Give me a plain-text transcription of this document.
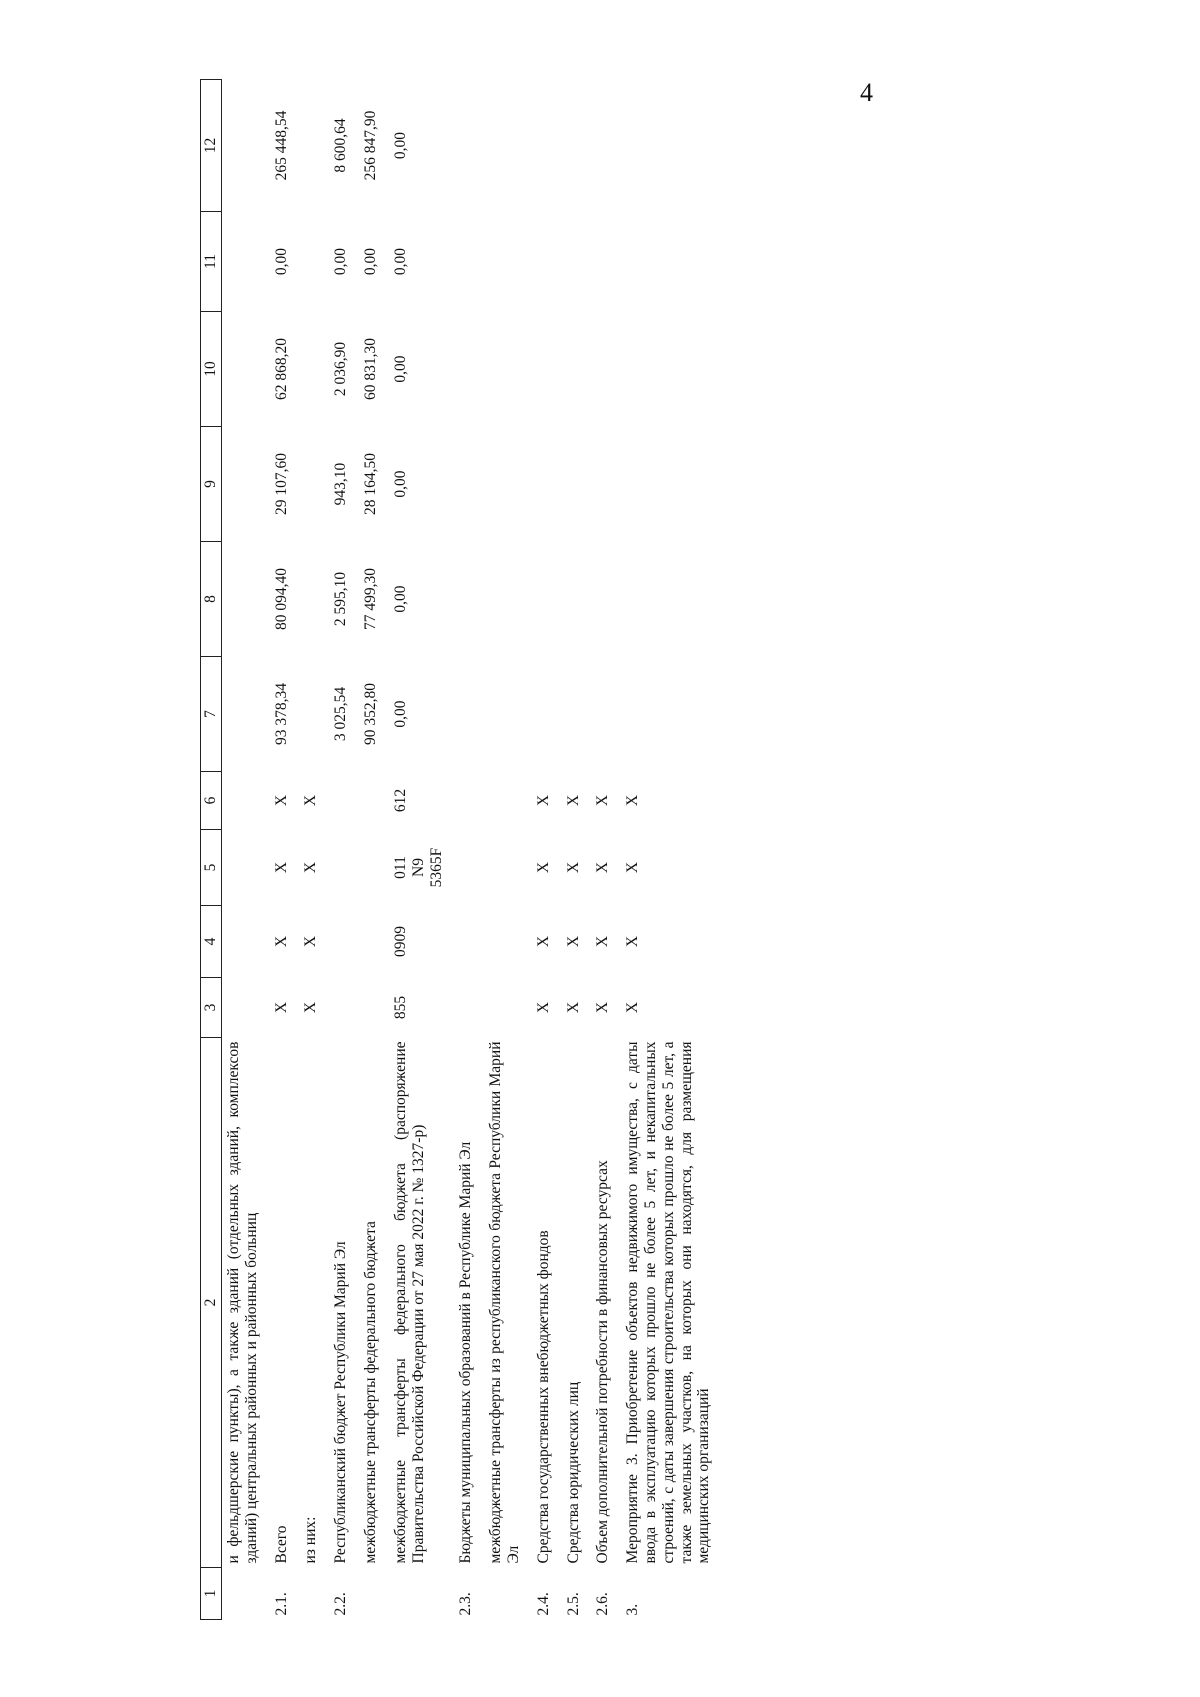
4
1	2	3	4	5	6	7	8	9	10	11	12
	и фельдшерские пункты), а также зданий (отдельных зданий, комплексов зданий) центральных районных и районных больниц										
2.1.	Всего	X	X	X	X	93 378,34	80 094,40	29 107,60	62 868,20	0,00	265 448,54
	из них:	X	X	X	X						
2.2.	Республиканский бюджет Республики Марий Эл					3 025,54	2 595,10	943,10	2 036,90	0,00	8 600,64
	межбюджетные трансферты федерального бюджета					90 352,80	77 499,30	28 164,50	60 831,30	0,00	256 847,90
	межбюджетные трансферты федерального бюджета (распоряжение Правительства Российской Федерации от 27 мая 2022 г. № 1327-р)	855	0909	011 N9 5365F	612	0,00	0,00	0,00	0,00	0,00	0,00
2.3.	Бюджеты муниципальных образований в Республике Марий Эл										
	межбюджетные трансферты из республиканского бюджета Республики Марий Эл										
2.4.	Средства государственных внебюджетных фондов	X	X	X	X						
2.5.	Средства юридических лиц	X	X	X	X						
2.6.	Объем дополнительной потребности в финансовых ресурсах	X	X	X	X						
3.	Мероприятие 3. Приобретение объектов недвижимого имущества, с даты ввода в эксплуатацию которых прошло не более 5 лет, и некапитальных строений, с даты завершения строительства которых прошло не более 5 лет, а также земельных участков, на которых они находятся, для размещения медицинских организаций	X	X	X	X						
